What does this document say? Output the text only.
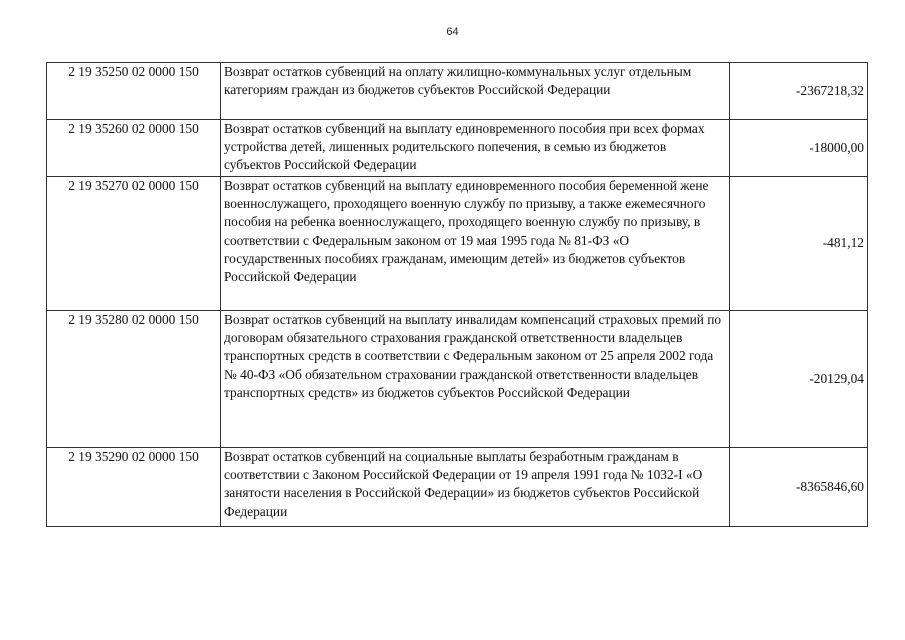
64
2 19 35250 02 0000 150	Возврат остатков субвенций на оплату жилищно-коммунальных услуг отдельным категориям граждан из бюджетов субъектов Российской Федерации	-2367218,32
2 19 35260 02 0000 150	Возврат остатков субвенций на выплату единовременного пособия при всех формах устройства детей, лишенных родительского попечения, в семью из бюджетов субъектов Российской Федерации	-18000,00
2 19 35270 02 0000 150	Возврат остатков субвенций на выплату единовременного пособия беременной жене военнослужащего, проходящего военную службу по призыву, а также ежемесячного пособия на ребенка военнослужащего, проходящего военную службу по призыву, в соответствии с Федеральным законом от 19 мая 1995 года № 81-ФЗ «О государственных пособиях гражданам, имеющим детей» из бюджетов субъектов Российской Федерации	-481,12
2 19 35280 02 0000 150	Возврат остатков субвенций на выплату инвалидам компенсаций страховых премий по договорам обязательного страхования гражданской ответственности владельцев транспортных средств в соответствии с Федеральным законом от 25 апреля 2002 года № 40-ФЗ «Об обязательном страховании гражданской ответственности владельцев транспортных средств» из бюджетов субъектов Российской Федерации	-20129,04
2 19 35290 02 0000 150	Возврат остатков субвенций на социальные выплаты безработным гражданам в соответствии с Законом Российской Федерации от 19 апреля 1991 года № 1032-I «О занятости населения в Российской Федерации» из бюджетов субъектов Российской Федерации	-8365846,60
